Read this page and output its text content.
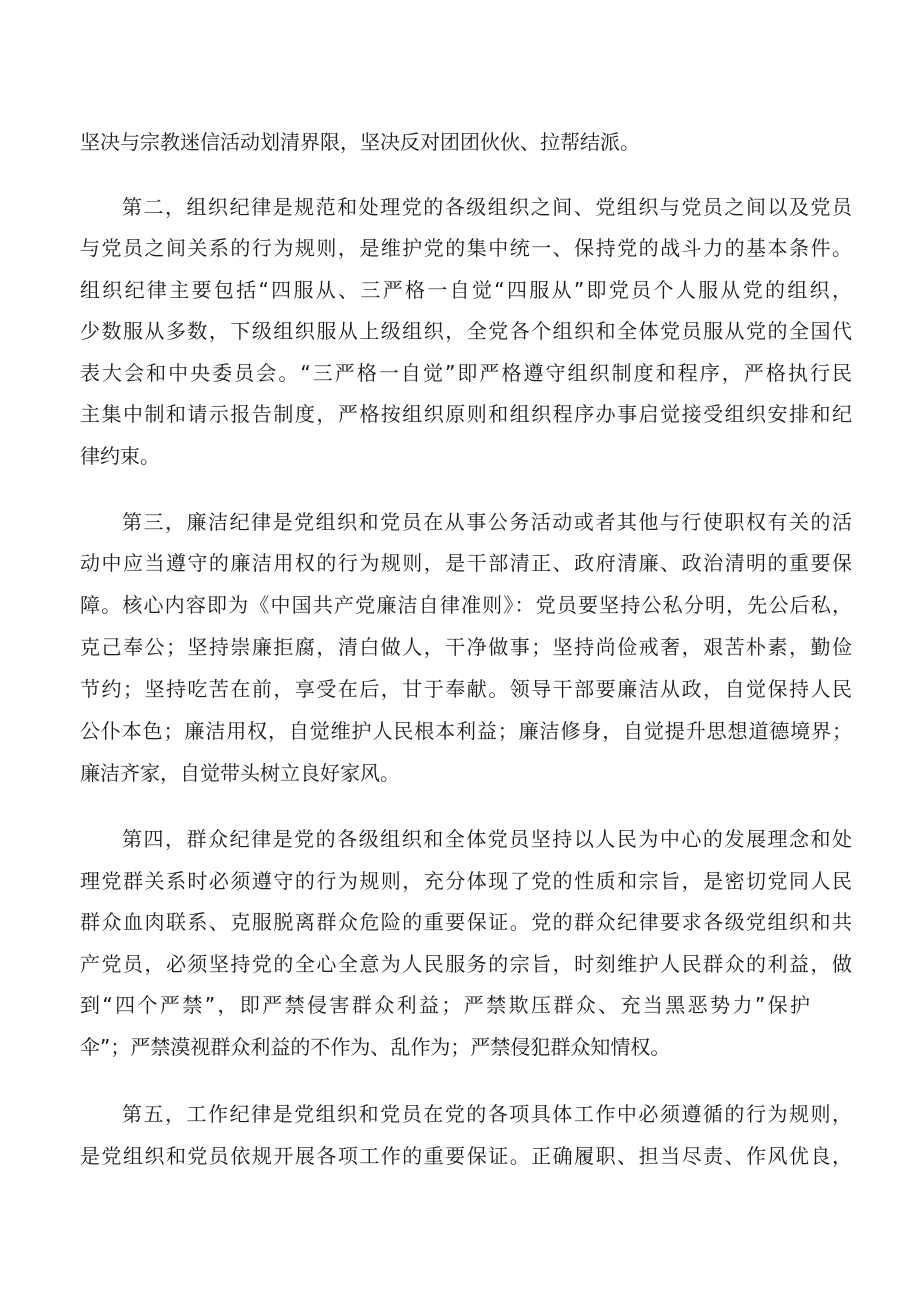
坚决与宗教迷信活动划清界限，坚决反对团团伙伙、拉帮结派。

第二，组织纪律是规范和处理党的各级组织之间、党组织与党员之间以及党员

与党员之间关系的行为规则，是维护党的集中统一、保持党的战斗力的基本条件。

组织纪律主要包括“四服从、三严格一自觉“四服从”即党员个人服从党的组织，

少数服从多数，下级组织服从上级组织，全党各个组织和全体党员服从党的全国代

表大会和中央委员会。“三严格一自觉”即严格遵守组织制度和程序，严格执行民

主集中制和请示报告制度，严格按组织原则和组织程序办事启觉接受组织安排和纪

律约束。

第三，廉洁纪律是党组织和党员在从事公务活动或者其他与行使职权有关的活

动中应当遵守的廉洁用权的行为规则，是干部清正、政府清廉、政治清明的重要保

障。核心内容即为《中国共产党廉洁自律准则》：党员要坚持公私分明，先公后私，

克己奉公；坚持崇廉拒腐，清白做人，干净做事；坚持尚俭戒奢，艰苦朴素，勤俭

节约；坚持吃苦在前，享受在后，甘于奉献。领导干部要廉洁从政，自觉保持人民

公仆本色；廉洁用权，自觉维护人民根本利益；廉洁修身，自觉提升思想道德境界；

廉洁齐家，自觉带头树立良好家风。

第四，群众纪律是党的各级组织和全体党员坚持以人民为中心的发展理念和处

理党群关系时必须遵守的行为规则，充分体现了党的性质和宗旨，是密切党同人民

群众血肉联系、克服脱离群众危险的重要保证。党的群众纪律要求各级党组织和共

产党员，必须坚持党的全心全意为人民服务的宗旨，时刻维护人民群众的利益，做

到“四个严禁”，即严禁侵害群众利益；严禁欺压群众、充当黑恶势力”保护

伞”；严禁漠视群众利益的不作为、乱作为；严禁侵犯群众知情权。

第五，工作纪律是党组织和党员在党的各项具体工作中必须遵循的行为规则，

是党组织和党员依规开展各项工作的重要保证。正确履职、担当尽责、作风优良，
